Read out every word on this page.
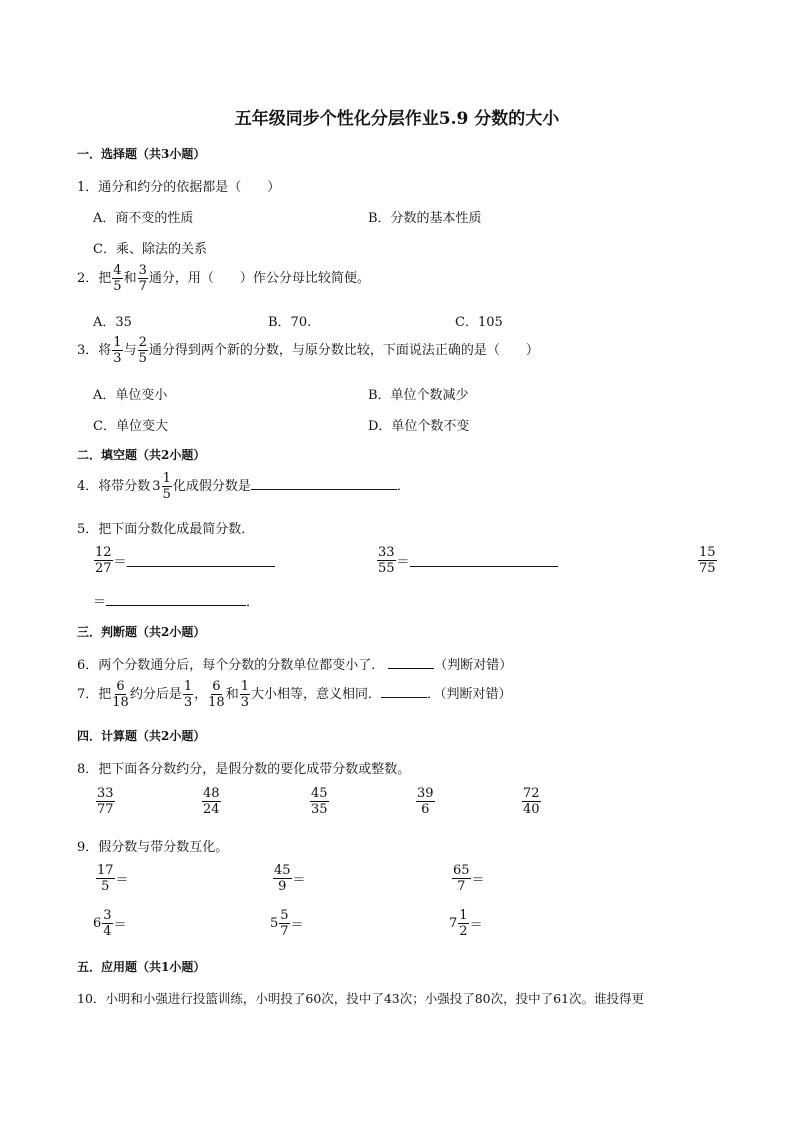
五年级同步个性化分层作业5.9 分数的大小
一．选择题（共3小题）
1．通分和约分的依据都是（　　）
A．商不变的性质	B．分数的基本性质
C．乘、除法的关系
2．把 $\frac{4}{5}$ 和 $\frac{3}{7}$ 通分，用（　　）作公分母比较简便。
A．35	B．70.	C．105
3．将 $\frac{1}{3}$ 与 $\frac{2}{5}$ 通分得到两个新的分数，与原分数比较，下面说法正确的是（　　）
A．单位变小	B．单位个数减少
C．单位变大	D．单位个数不变
二．填空题（共2小题）
4．将带分数 $3 \frac{1}{5}$ 化成假分数是	．
5．把下面分数化成最简分数．
$\frac{12}{27}$ ＝	$\frac{33}{55}$ ＝	$\frac{15}{75}$
＝	．
三．判断题（共2小题）
6．两个分数通分后，每个分数的分数单位都变小了．	（判断对错）
7．把 $\frac{6}{18}$ 约分后是 $\frac{1}{3}$ ， $\frac{6}{18}$ 和 $\frac{1}{3}$ 大小相等，意义相同．	．（判断对错）
四．计算题（共2小题）
8．把下面各分数约分，是假分数的要化成带分数或整数。
$\frac{33}{77}$	$\frac{48}{24}$	$\frac{45}{35}$	$\frac{39}{6}$	$\frac{72}{40}$
9．假分数与带分数互化。
$\frac{17}{5}$ ＝	$\frac{45}{9}$ ＝	$\frac{65}{7}$ ＝
$6 \frac{3}{4}$ ＝	$5 \frac{5}{7}$ ＝	$7 \frac{1}{2}$ ＝
五．应用题（共1小题）
10．小明和小强进行投篮训练，小明投了60次，投中了43次；小强投了80次，投中了61次。谁投得更
